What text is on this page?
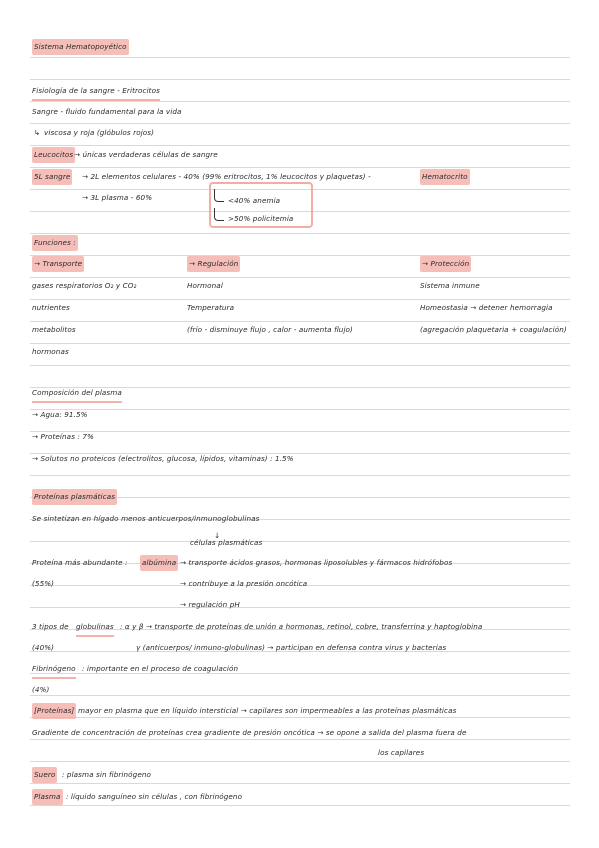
Sistema Hematopoyético
Fisiología de la sangre - Eritrocitos
Sangre - fluido fundamental para la vida
↳ viscosa y roja (glóbulos rojos)
Leucocitos → únicas verdaderas células de sangre
5L sangre → 2L elementos celulares - 40% (99% eritrocitos, 1% leucocitos y plaquetas) -	Hematocrito
→ 3L plasma - 60%	<40% anemia
>50% policitemia
Funciones :
→ Transporte	→ Regulación	→ Protección
gases respiratorios O₂ y CO₂	Hormonal	Sistema inmune
nutrientes	Temperatura	Homeostasia → detener hemorragia
metabolitos	(frío - disminuye flujo , calor - aumenta flujo)	(agregación plaquetaria + coagulación)
hormonas
Composición del plasma
→ Agua: 91.5%
→ Proteínas : 7%
→ Solutos no proteicos (electrolitos, glucosa, lípidos, vitaminas) : 1.5%
Proteínas plasmáticas
Se sintetizan en hígado menos anticuerpos/inmunoglobulinas
↓
células plasmáticas
Proteína más abundante : albúmina → transporte ácidos grasos, hormonas liposolubles y fármacos hidrófobos
(55%)	→ contribuye a la presión oncótica
→ regulación pH
3 tipos de globulinas : α y β → transporte de proteínas de unión a hormonas, retinol, cobre, transferrina y haptoglobina
(40%)	γ (anticuerpos/ inmuno-globulinas) → participan en defensa contra virus y bacterias
Fibrinógeno : importante en el proceso de coagulación
(4%)
[Proteínas] mayor en plasma que en líquido intersticial → capilares son impermeables a las proteínas plasmáticas
Gradiente de concentración de proteínas crea gradiente de presión oncótica → se opone a salida del plasma fuera de
los capilares
Suero : plasma sin fibrinógeno
Plasma : líquido sanguíneo sin células , con fibrinógeno
